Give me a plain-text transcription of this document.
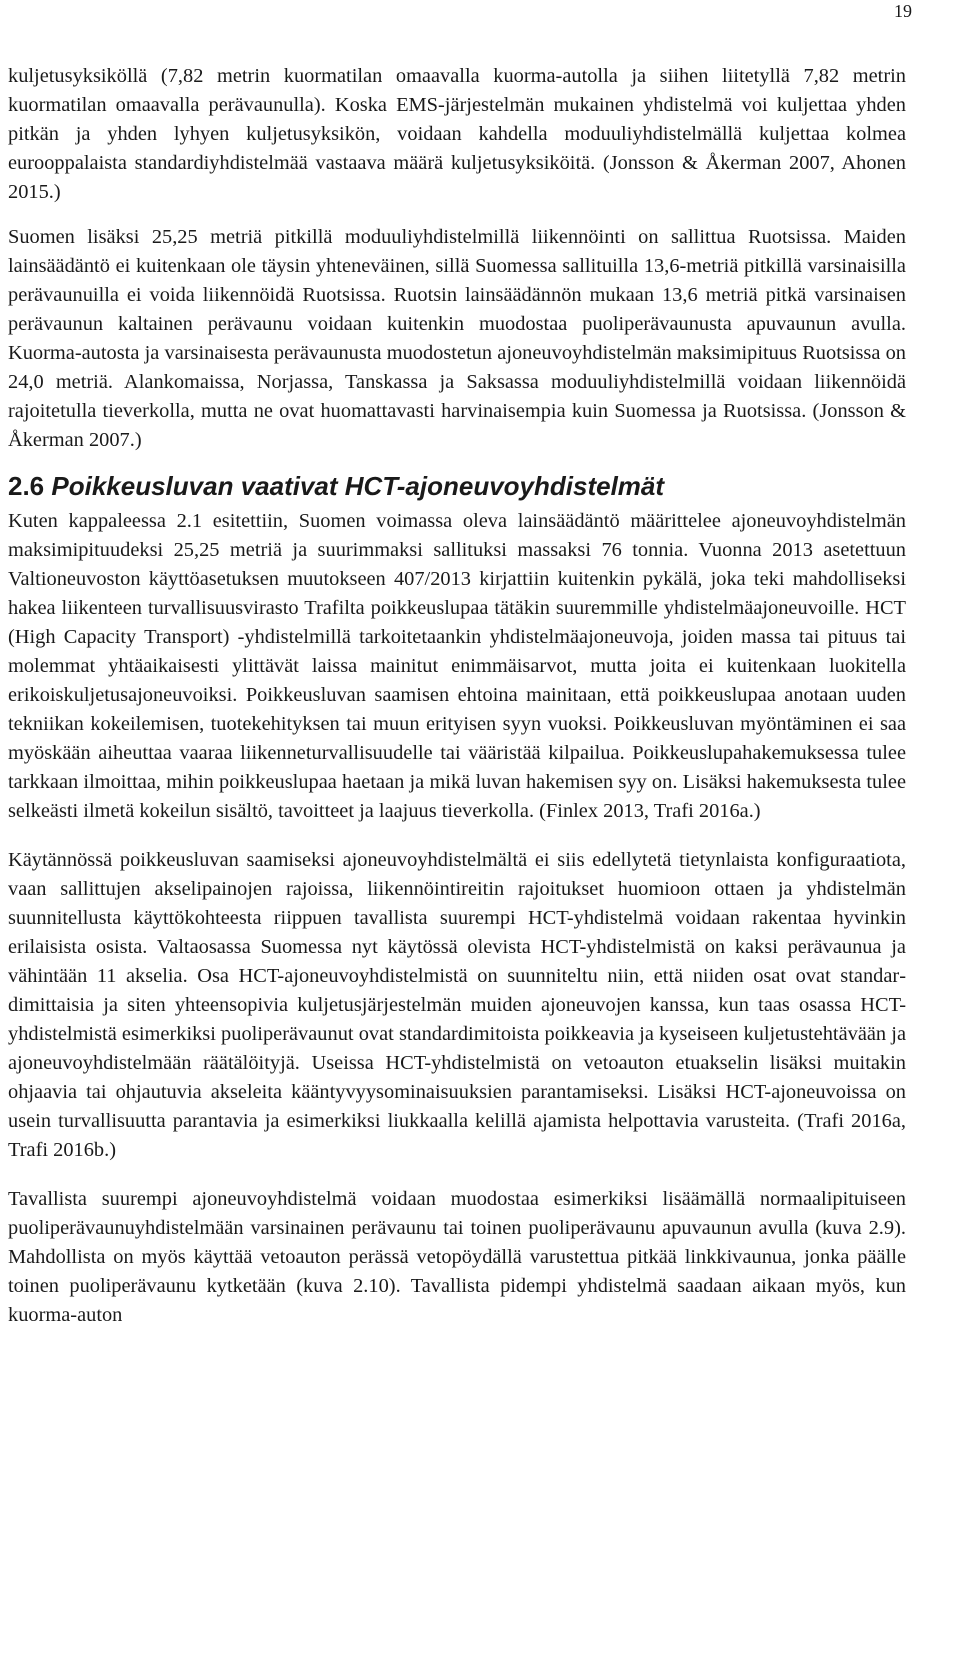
19

kuljetusyksiköllä (7,82 metrin kuormatilan omaavalla kuorma-autolla ja siihen liitetyllä 7,82 metrin kuormatilan omaavalla perävaunulla). Koska EMS-järjestelmän mukainen yhdistelmä voi kuljettaa yhden pitkän ja yhden lyhyen kuljetusyksikön, voidaan kahdella moduuliyhdistelmällä kuljettaa kolmea eurooppalaista standardiyhdistelmää vastaava määrä kuljetusyksiköitä. (Jonsson & Åkerman 2007, Ahonen 2015.)

Suomen lisäksi 25,25 metriä pitkillä moduuliyhdistelmillä liikennöinti on sallittua Ruotsissa. Maiden lainsäädäntö ei kuitenkaan ole täysin yhteneväinen, sillä Suomessa sallituilla 13,6-metriä pitkillä varsinaisilla perävaunuilla ei voida liikennöidä Ruotsissa. Ruotsin lainsäädännön mukaan 13,6 metriä pitkä varsinaisen perävaunun kaltainen perävaunu voidaan kuitenkin muodostaa puoliperävaunusta apuvaunun avulla. Kuorma-autosta ja varsinaisesta perävaunusta muodostetun ajoneuvoyhdistelmän maksimipituus Ruotsissa on 24,0 metriä. Alankomaissa, Norjassa, Tanskassa ja Saksassa moduuliyhdistelmillä voidaan liikennöidä rajoitetulla tieverkolla, mutta ne ovat huomattavasti harvinaisempia kuin Suomessa ja Ruotsissa. (Jonsson & Åkerman 2007.)

2.6 Poikkeusluvan vaativat HCT-ajoneuvoyhdistelmät

Kuten kappaleessa 2.1 esitettiin, Suomen voimassa oleva lainsäädäntö määrittelee ajoneuvoyhdistelmän maksimipituudeksi 25,25 metriä ja suurimmaksi sallituksi massaksi 76 tonnia. Vuonna 2013 asetettuun Valtioneuvoston käyttöasetuksen muutokseen 407/2013 kirjattiin kuitenkin pykälä, joka teki mahdolliseksi hakea liikenteen turvallisuusvirasto Trafilta poikkeuslupaa tätäkin suuremmille yhdistelmäajoneuvoille. HCT (High Capacity Transport) -yhdistelmillä tarkoitetaankin yhdistelmäajoneuvoja, joiden massa tai pituus tai molemmat yhtäaikaisesti ylittävät laissa mainitut enimmäisarvot, mutta joita ei kuitenkaan luokitella erikoiskuljetusajoneuvoiksi. Poikkeusluvan saamisen ehtoina mainitaan, että poikkeuslupaa anotaan uuden tekniikan kokeilemisen, tuotekehityksen tai muun erityisen syyn vuoksi. Poikkeusluvan myöntäminen ei saa myöskään aiheuttaa vaaraa liikenneturvallisuudelle tai vääristää kilpailua. Poikkeuslupahakemuksessa tulee tarkkaan ilmoittaa, mihin poikkeuslupaa haetaan ja mikä luvan hakemisen syy on. Lisäksi hakemuksesta tulee selkeästi ilmetä kokeilun sisältö, tavoitteet ja laajuus tieverkolla. (Finlex 2013, Trafi 2016a.)

Käytännössä poikkeusluvan saamiseksi ajoneuvoyhdistelmältä ei siis edellytetä tietynlaista konfiguraatiota, vaan sallittujen akselipainojen rajoissa, liikennöintireitin rajoitukset huomioon ottaen ja yhdistelmän suunnitellusta käyttökohteesta riippuen tavallista suurempi HCT-yhdistelmä voidaan rakentaa hyvinkin erilaisista osista. Valtaosassa Suomessa nyt käytössä olevista HCT-yhdistelmistä on kaksi perävaunua ja vähintään 11 akselia. Osa HCT-ajoneuvoyhdistelmistä on suunniteltu niin, että niiden osat ovat standardimittaisia ja siten yhteensopivia kuljetusjärjestelmän muiden ajoneuvojen kanssa, kun taas osassa HCT-yhdistelmistä esimerkiksi puoliperävaunut ovat standardimitoista poikkeavia ja kyseiseen kuljetustehtävään ja ajoneuvoyhdistelmään räätälöityjä. Useissa HCT-yhdistelmistä on vetoauton etuakselin lisäksi muitakin ohjaavia tai ohjautuvia akseleita kääntyvyysominaisuuksien parantamiseksi. Lisäksi HCT-ajoneuvoissa on usein turvallisuutta parantavia ja esimerkiksi liukkaalla kelillä ajamista helpottavia varusteita. (Trafi 2016a, Trafi 2016b.)

Tavallista suurempi ajoneuvoyhdistelmä voidaan muodostaa esimerkiksi lisäämällä normaalipituiseen puoliperävaunuyhdistelmään varsinainen perävaunu tai toinen puoliperävaunu apuvaunun avulla (kuva 2.9). Mahdollista on myös käyttää vetoauton perässä vetopöydällä varustettua pitkää linkkivaunua, jonka päälle toinen puoliperävaunu kytketään (kuva 2.10). Tavallista pidempi yhdistelmä saadaan aikaan myös, kun kuorma-auton
